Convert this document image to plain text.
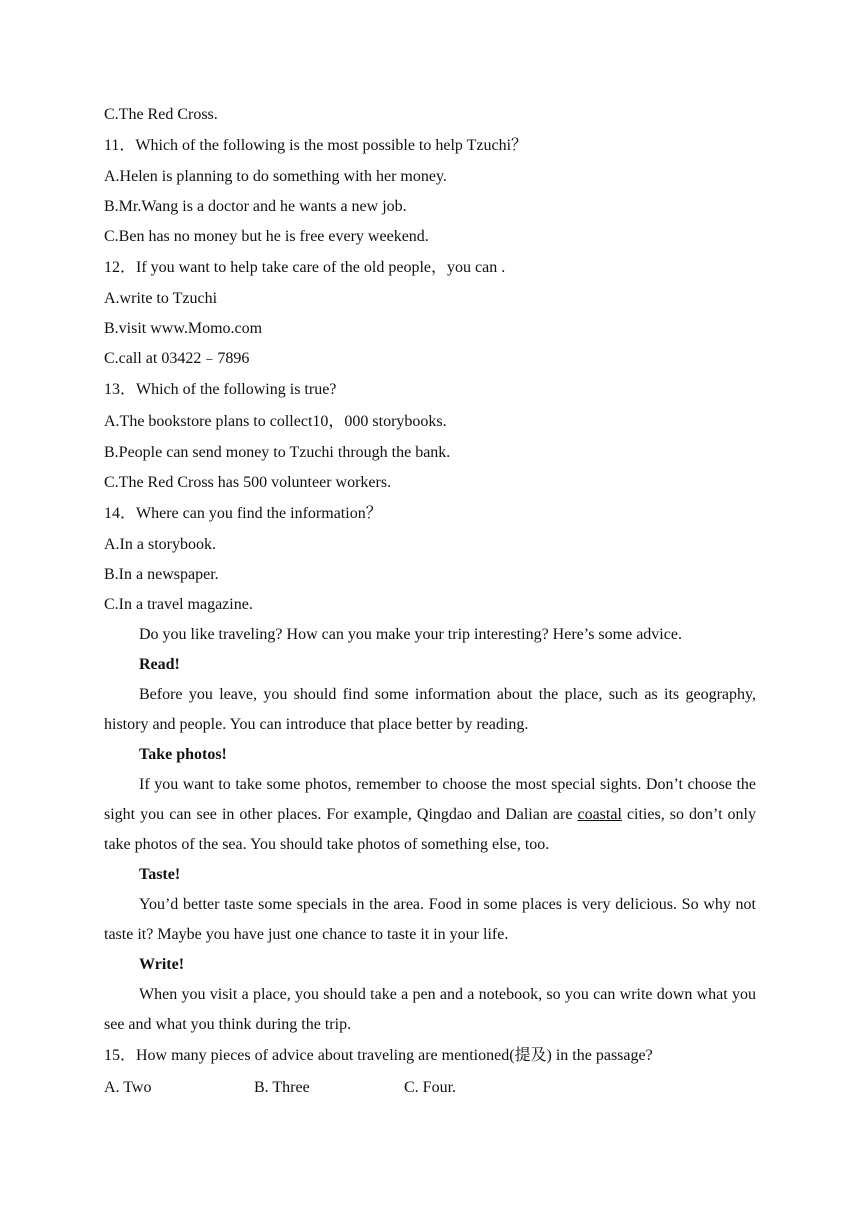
C.The Red Cross.
11．Which of the following is the most possible to help Tzuchi？
A.Helen is planning to do something with her money.
B.Mr.Wang is a doctor and he wants a new job.
C.Ben has no money but he is free every weekend.
12．If you want to help take care of the old people，you can .
A.write to Tzuchi
B.visit www.Momo.com
C.call at 03422﹣7896
13．Which of the following is true?
A.The bookstore plans to collect10，000 storybooks.
B.People can send money to Tzuchi through the bank.
C.The Red Cross has 500 volunteer workers.
14．Where can you find the information？
A.In a storybook.
B.In a newspaper.
C.In a travel magazine.
Do you like traveling? How can you make your trip interesting? Here’s some advice.
Read!
Before you leave, you should find some information about the place, such as its geography, history and people. You can introduce that place better by reading.
Take photos!
If you want to take some photos, remember to choose the most special sights. Don’t choose the sight you can see in other places. For example, Qingdao and Dalian are coastal cities, so don’t only take photos of the sea. You should take photos of something else, too.
Taste!
You’d better taste some specials in the area. Food in some places is very delicious. So why not taste it? Maybe you have just one chance to taste it in your life.
Write!
When you visit a place, you should take a pen and a notebook, so you can write down what you see and what you think during the trip.
15．How many pieces of advice about traveling are mentioned(提及) in the passage?
A. Two	B. Three	C. Four.
